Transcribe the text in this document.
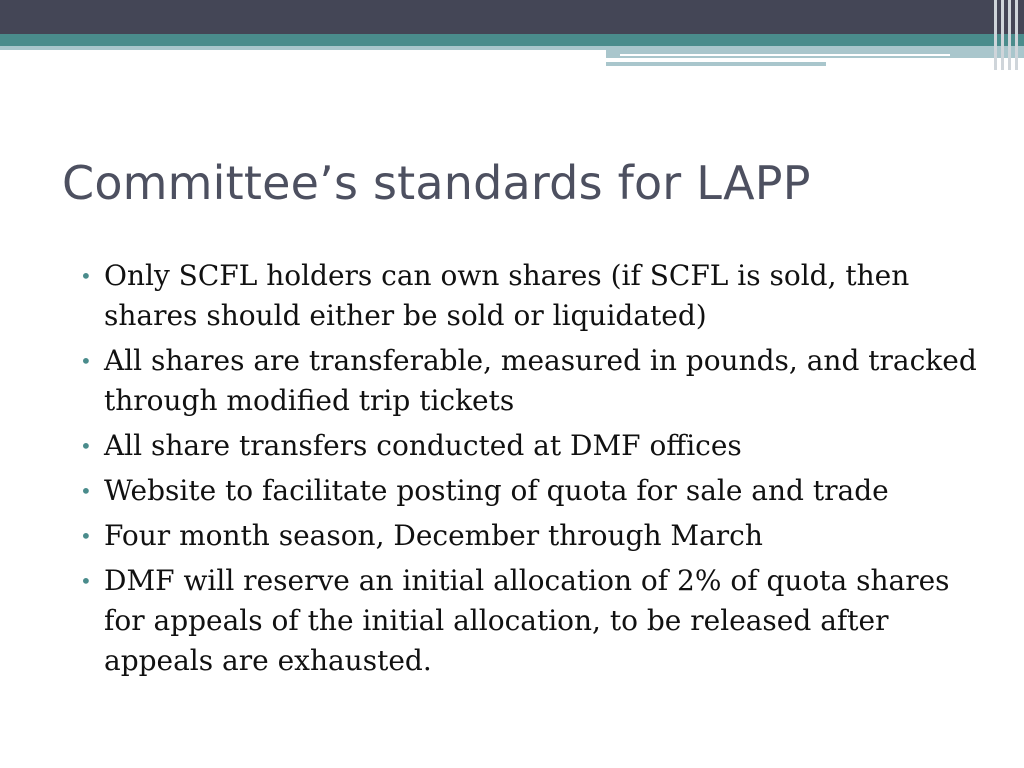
Committee’s standards for LAPP
• Only SCFL holders can own shares (if SCFL is sold, then shares should either be sold or liquidated)
• All shares are transferable, measured in pounds, and tracked through modified trip tickets
• All share transfers conducted at DMF offices
• Website to facilitate posting of quota for sale and trade
• Four month season, December through March
• DMF will reserve an initial allocation of 2% of quota shares for appeals of the initial allocation, to be released after appeals are exhausted.
